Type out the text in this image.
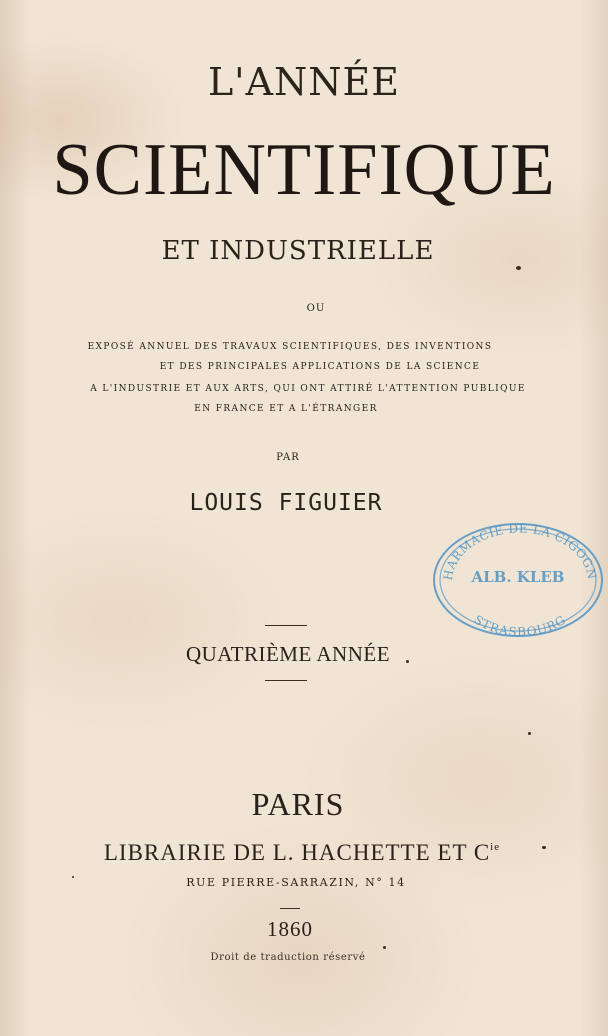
L'ANNÉE
SCIENTIFIQUE
ET INDUSTRIELLE
OU
EXPOSÉ ANNUEL DES TRAVAUX SCIENTIFIQUES, DES INVENTIONS
ET DES PRINCIPALES APPLICATIONS DE LA SCIENCE
A L'INDUSTRIE ET AUX ARTS, QUI ONT ATTIRÉ L'ATTENTION PUBLIQUE
EN FRANCE ET A L'ÉTRANGER
PAR
LOUIS FIGUIER
QUATRIÈME ANNÉE
PARIS
LIBRAIRIE DE L. HACHETTE ET $C^{ie}$
RUE PIERRE-SARRAZIN, N° 14
1860
Droit de traduction réservé
PHARMACIE DE LA CIGOGNE
ALB. KLEB
STRASBOURG
